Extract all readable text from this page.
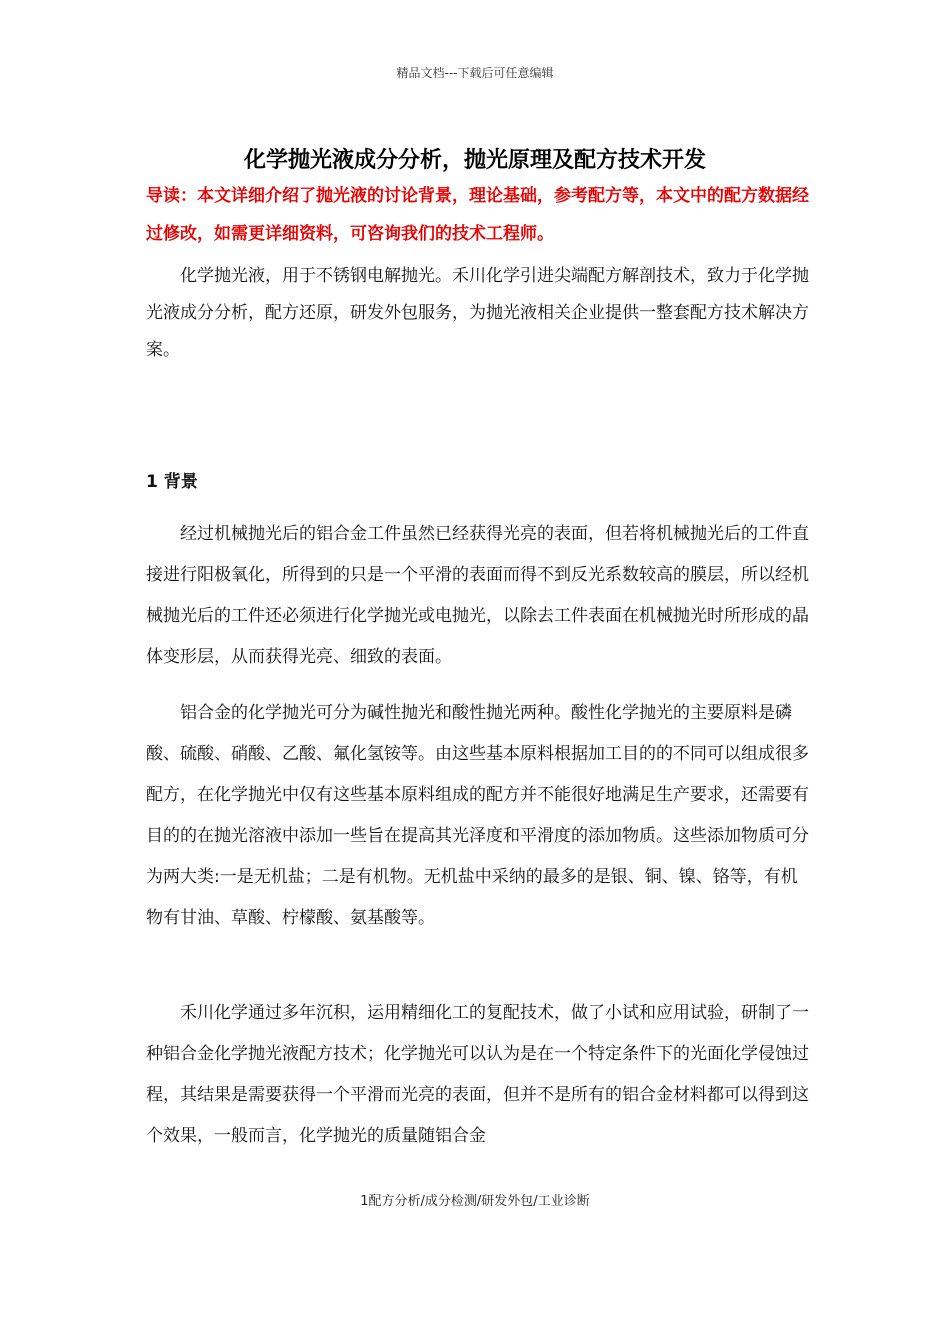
精品文档---下载后可任意编辑
化学抛光液成分分析，抛光原理及配方技术开发

导读：本文详细介绍了抛光液的讨论背景，理论基础，参考配方等，本文中的配方数据经过修改，如需更详细资料，可咨询我们的技术工程师。

化学抛光液，用于不锈钢电解抛光。禾川化学引进尖端配方解剖技术，致力于化学抛光液成分分析，配方还原，研发外包服务，为抛光液相关企业提供一整套配方技术解决方案。

1 背景

经过机械抛光后的铝合金工件虽然已经获得光亮的表面，但若将机械抛光后的工件直接进行阳极氧化，所得到的只是一个平滑的表面而得不到反光系数较高的膜层，所以经机械抛光后的工件还必须进行化学抛光或电抛光，以除去工件表面在机械抛光时所形成的晶体变形层，从而获得光亮、细致的表面。

铝合金的化学抛光可分为碱性抛光和酸性抛光两种。酸性化学抛光的主要原料是磷酸、硫酸、硝酸、乙酸、氟化氢铵等。由这些基本原料根据加工目的的不同可以组成很多配方，在化学抛光中仅有这些基本原料组成的配方并不能很好地满足生产要求，还需要有目的的在抛光溶液中添加一些旨在提高其光泽度和平滑度的添加物质。这些添加物质可分为两大类:一是无机盐；二是有机物。无机盐中采纳的最多的是银、铜、镍、铬等，有机物有甘油、草酸、柠檬酸、氨基酸等。

禾川化学通过多年沉积，运用精细化工的复配技术，做了小试和应用试验，研制了一种铝合金化学抛光液配方技术；化学抛光可以认为是在一个特定条件下的光面化学侵蚀过程，其结果是需要获得一个平滑而光亮的表面，但并不是所有的铝合金材料都可以得到这个效果，一般而言，化学抛光的质量随铝合金

1配方分析/成分检测/研发外包/工业诊断
